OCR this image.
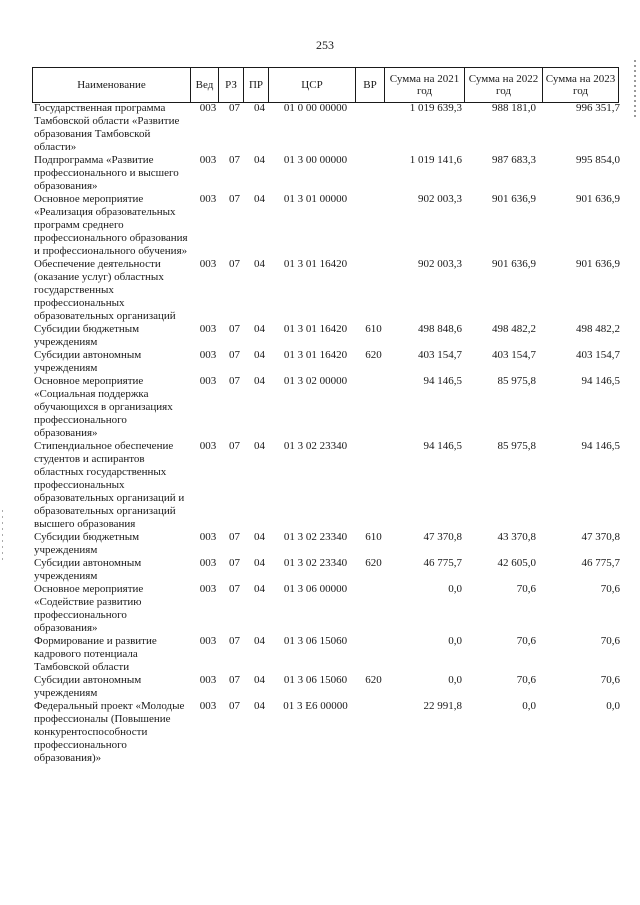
253
Наименование	Вед	РЗ	ПР	ЦСР	ВР	Сумма на 2021 год	Сумма на 2022 год	Сумма на 2023 год
Государственная программа Тамбовской области «Развитие образования Тамбовской области»	003	07	04	01 0 00 00000		1 019 639,3	988 181,0	996 351,7
Подпрограмма «Развитие профессионального и высшего образования»	003	07	04	01 3 00 00000		1 019 141,6	987 683,3	995 854,0
Основное мероприятие «Реализация образовательных программ среднего профессионального образования и профессионального обучения»	003	07	04	01 3 01 00000		902 003,3	901 636,9	901 636,9
Обеспечение деятельности (оказание услуг) областных государственных профессиональных образовательных организаций	003	07	04	01 3 01 16420		902 003,3	901 636,9	901 636,9
Субсидии бюджетным учреждениям	003	07	04	01 3 01 16420	610	498 848,6	498 482,2	498 482,2
Субсидии автономным учреждениям	003	07	04	01 3 01 16420	620	403 154,7	403 154,7	403 154,7
Основное мероприятие «Социальная поддержка обучающихся в организациях профессионального образования»	003	07	04	01 3 02 00000		94 146,5	85 975,8	94 146,5
Стипендиальное обеспечение студентов и аспирантов областных государственных профессиональных образовательных организаций и образовательных организаций высшего образования	003	07	04	01 3 02 23340		94 146,5	85 975,8	94 146,5
Субсидии бюджетным учреждениям	003	07	04	01 3 02 23340	610	47 370,8	43 370,8	47 370,8
Субсидии автономным учреждениям	003	07	04	01 3 02 23340	620	46 775,7	42 605,0	46 775,7
Основное мероприятие «Содействие развитию профессионального образования»	003	07	04	01 3 06 00000		0,0	70,6	70,6
Формирование и развитие кадрового потенциала Тамбовской области	003	07	04	01 3 06 15060		0,0	70,6	70,6
Субсидии автономным учреждениям	003	07	04	01 3 06 15060	620	0,0	70,6	70,6
Федеральный проект «Молодые профессионалы (Повышение конкурентоспособности профессионального образования)»	003	07	04	01 3 E6 00000		22 991,8	0,0	0,0
